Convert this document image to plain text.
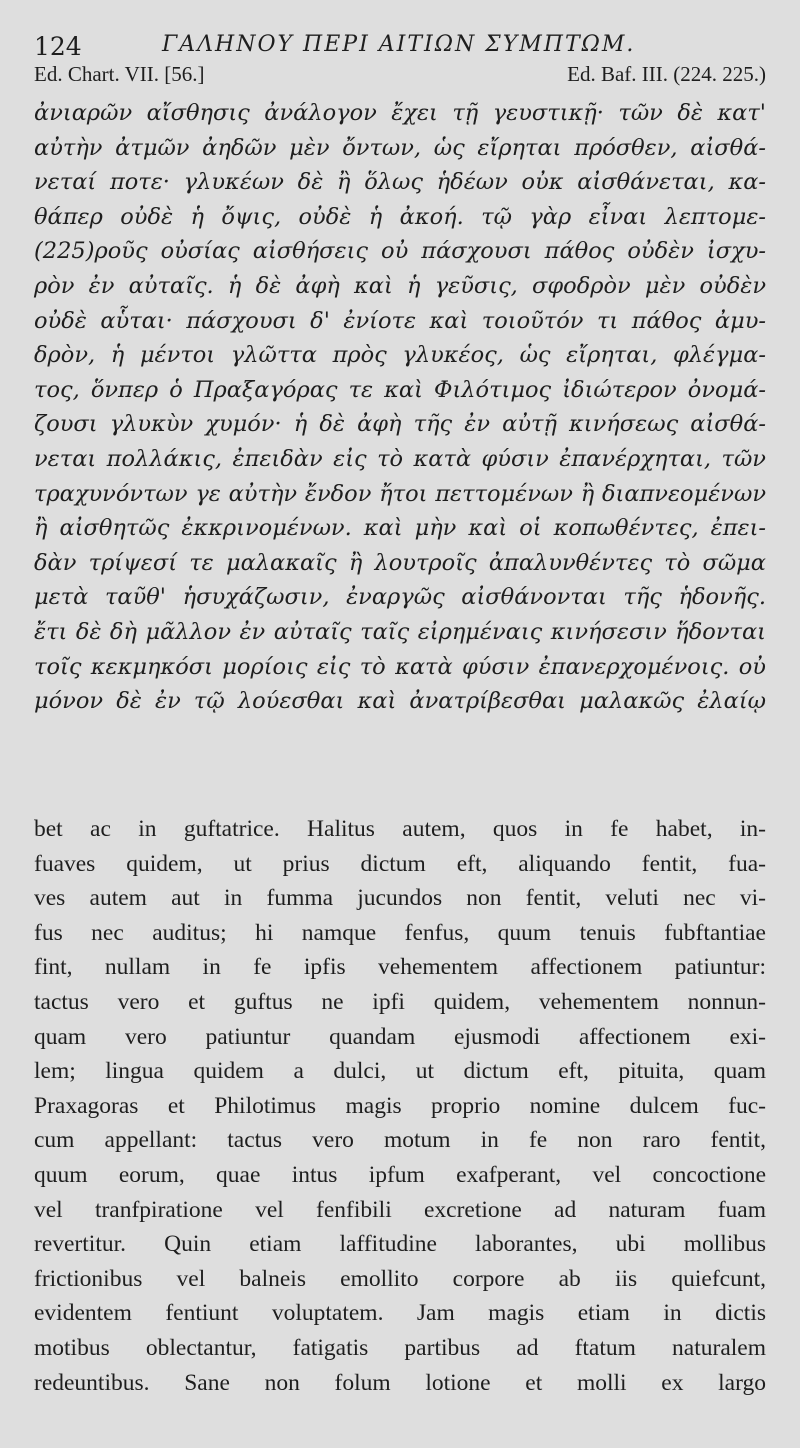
124	ΓΑΛΗΝΟΥ ΠΕΡΙ ΑΙΤΙΩΝ ΣΥΜΠΤΩΜ.
Ed. Chart. VII. [56.]	Ed. Baf. III. (224. 225.)
ἀνιαρῶν αἴσθησις ἀνάλογον ἔχει τῇ γευστικῇ· τῶν δὲ κατ'
αὐτὴν ἀτμῶν ἀηδῶν μὲν ὄντων, ὡς εἴρηται πρόσθεν, αἰσθά-
νεταί ποτε· γλυκέων δὲ ἢ ὅλως ἡδέων οὐκ αἰσθάνεται, κα-
θάπερ οὐδὲ ἡ ὄψις, οὐδὲ ἡ ἀκοή. τῷ γὰρ εἶναι λεπτομε-
(225)ροῦς οὐσίας αἰσθήσεις οὐ πάσχουσι πάθος οὐδὲν ἰσχυ-
ρὸν ἐν αὐταῖς. ἡ δὲ ἀφὴ καὶ ἡ γεῦσις, σφοδρὸν μὲν οὐδὲν
οὐδὲ αὗται· πάσχουσι δ' ἐνίοτε καὶ τοιοῦτόν τι πάθος ἀμυ-
δρὸν, ἡ μέντοι γλῶττα πρὸς γλυκέος, ὡς εἴρηται, φλέγμα-
τος, ὅνπερ ὁ Πραξαγόρας τε καὶ Φιλότιμος ἰδιώτερον ὀνομά-
ζουσι γλυκὺν χυμόν· ἡ δὲ ἀφὴ τῆς ἐν αὐτῇ κινήσεως αἰσθά-
νεται πολλάκις, ἐπειδὰν εἰς τὸ κατὰ φύσιν ἐπανέρχηται, τῶν
τραχυνόντων γε αὐτὴν ἔνδον ἤτοι πεττομένων ἢ διαπνεομένων
ἢ αἰσθητῶς ἐκκρινομένων. καὶ μὴν καὶ οἱ κοπωθέντες, ἐπει-
δὰν τρίψεσί τε μαλακαῖς ἢ λουτροῖς ἀπαλυνθέντες τὸ σῶμα
μετὰ ταῦθ' ἡσυχάζωσιν, ἐναργῶς αἰσθάνονται τῆς ἡδονῆς.
ἔτι δὲ δὴ μᾶλλον ἐν αὐταῖς ταῖς εἰρημέναις κινήσεσιν ἥδονται
τοῖς κεκμηκόσι μορίοις εἰς τὸ κατὰ φύσιν ἐπανερχομένοις. οὐ
μόνον δὲ ἐν τῷ λούεσθαι καὶ ἀνατρίβεσθαι μαλακῶς ἐλαίῳ
bet ac in guftatrice. Halitus autem, quos in fe habet, in-
fuaves quidem, ut prius dictum eft, aliquando fentit, fua-
ves autem aut in fumma jucundos non fentit, veluti nec vi-
fus nec auditus; hi namque fenfus, quum tenuis fubftantiae
fint, nullam in fe ipfis vehementem affectionem patiuntur:
tactus vero et guftus ne ipfi quidem, vehementem nonnun-
quam vero patiuntur quandam ejusmodi affectionem exi-
lem; lingua quidem a dulci, ut dictum eft, pituita, quam
Praxagoras et Philotimus magis proprio nomine dulcem fuc-
cum appellant: tactus vero motum in fe non raro fentit,
quum eorum, quae intus ipfum exafperant, vel concoctione
vel tranfpiratione vel fenfibili excretione ad naturam fuam
revertitur. Quin etiam laffitudine laborantes, ubi mollibus
frictionibus vel balneis emollito corpore ab iis quiefcunt,
evidentem fentiunt voluptatem. Jam magis etiam in dictis
motibus oblectantur, fatigatis partibus ad ftatum naturalem
redeuntibus. Sane non folum lotione et molli ex largo
